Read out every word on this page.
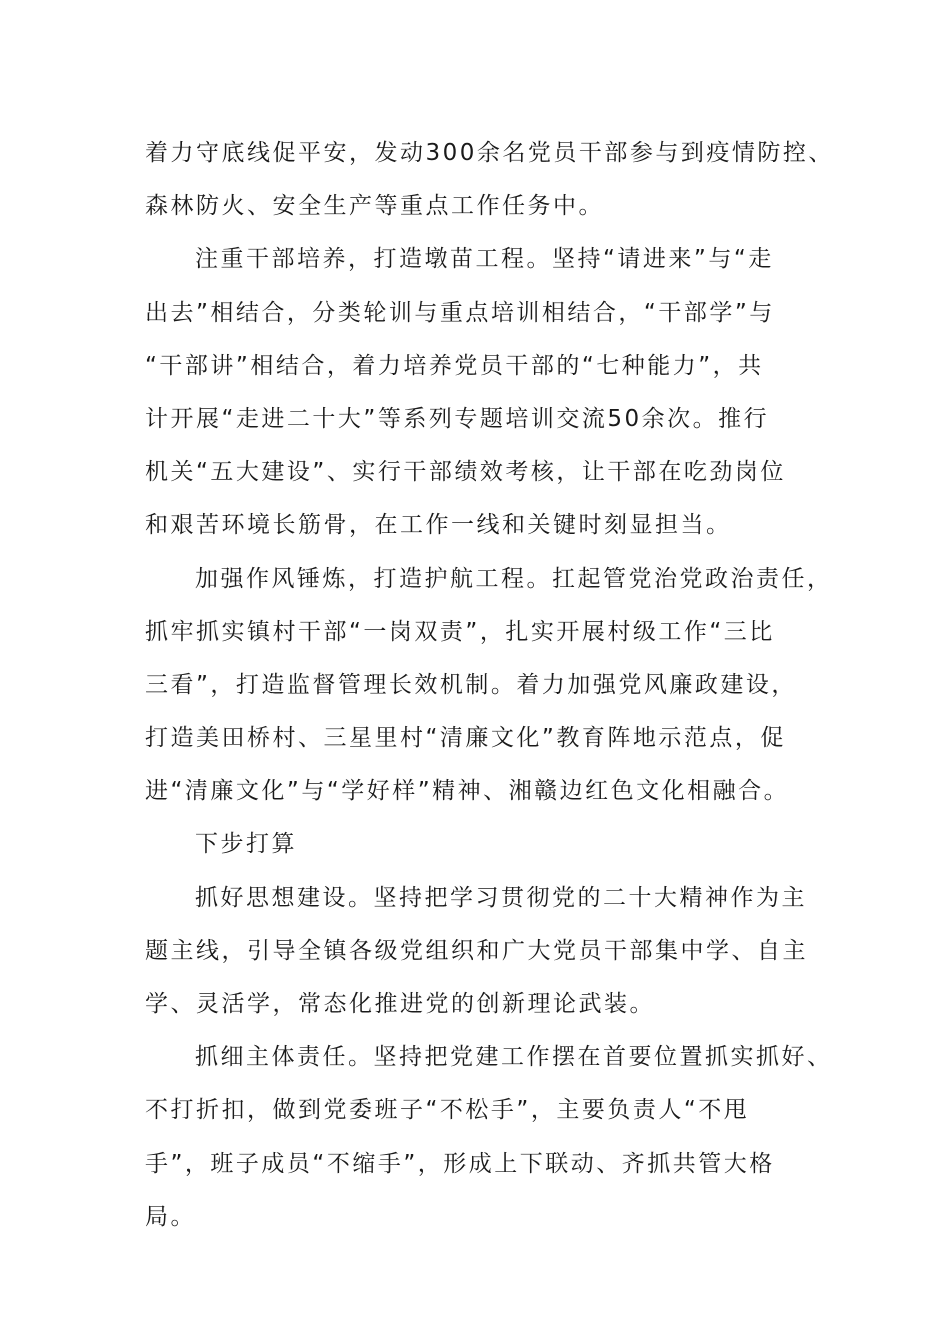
着力守底线促平安，发动300余名党员干部参与到疫情防控、
森林防火、安全生产等重点工作任务中。
注重干部培养，打造墩苗工程。坚持“请进来”与“走
出去”相结合，分类轮训与重点培训相结合，“干部学”与
“干部讲”相结合，着力培养党员干部的“七种能力”，共
计开展“走进二十大”等系列专题培训交流50余次。推行
机关“五大建设”、实行干部绩效考核，让干部在吃劲岗位
和艰苦环境长筋骨，在工作一线和关键时刻显担当。
加强作风锤炼，打造护航工程。扛起管党治党政治责任，
抓牢抓实镇村干部“一岗双责”，扎实开展村级工作“三比
三看”，打造监督管理长效机制。着力加强党风廉政建设，
打造美田桥村、三星里村“清廉文化”教育阵地示范点，促
进“清廉文化”与“学好样”精神、湘赣边红色文化相融合。
下步打算
抓好思想建设。坚持把学习贯彻党的二十大精神作为主
题主线，引导全镇各级党组织和广大党员干部集中学、自主
学、灵活学，常态化推进党的创新理论武装。
抓细主体责任。坚持把党建工作摆在首要位置抓实抓好、
不打折扣，做到党委班子“不松手”，主要负责人“不甩
手”，班子成员“不缩手”，形成上下联动、齐抓共管大格
局。
